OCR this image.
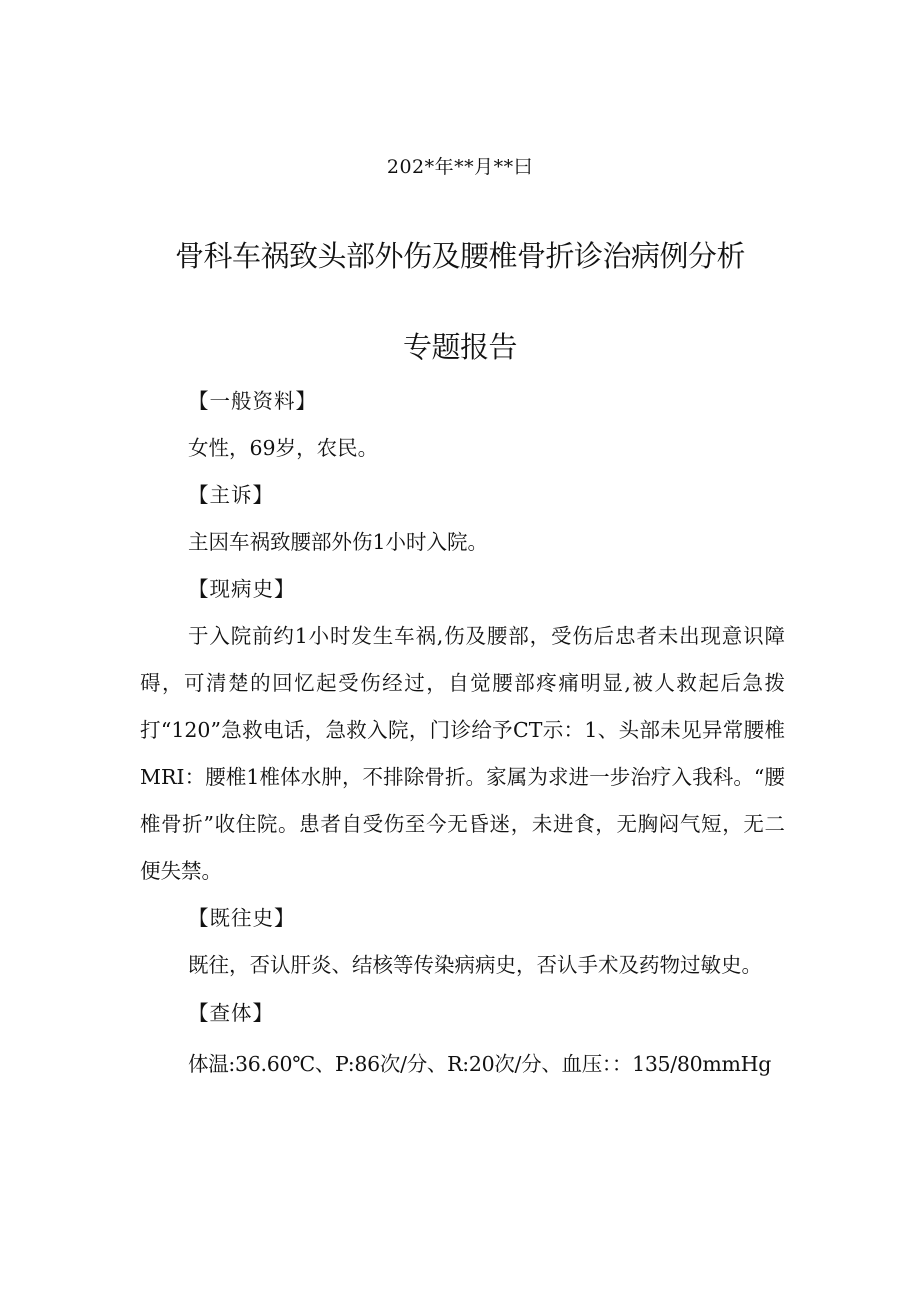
202*年**月**曰
骨科车祸致头部外伤及腰椎骨折诊治病例分析
专题报告

【一般资料】

女性，69岁，农民。

【主诉】

主因车祸致腰部外伤1小时入院。

【现病史】

于入院前约1小时发生车祸,伤及腰部，受伤后忠者未出现意识障碍，可清楚的回忆起受伤经过，自觉腰部疼痛明显,被人救起后急拨打“120”急救电话，急救入院，门诊给予CT示：1、头部未见异常腰椎MRI：腰椎1椎体水肿，不排除骨折。家属为求进一步治疗入我科。“腰椎骨折”收住院。患者自受伤至今无昏迷，未进食，无胸闷气短，无二便失禁。

【既往史】

既往，否认肝炎、结核等传染病病史，否认手术及药物过敏史。

【查体】

体温:36.60℃、P:86次/分、R:20次/分、血压：：135/80mmHg
